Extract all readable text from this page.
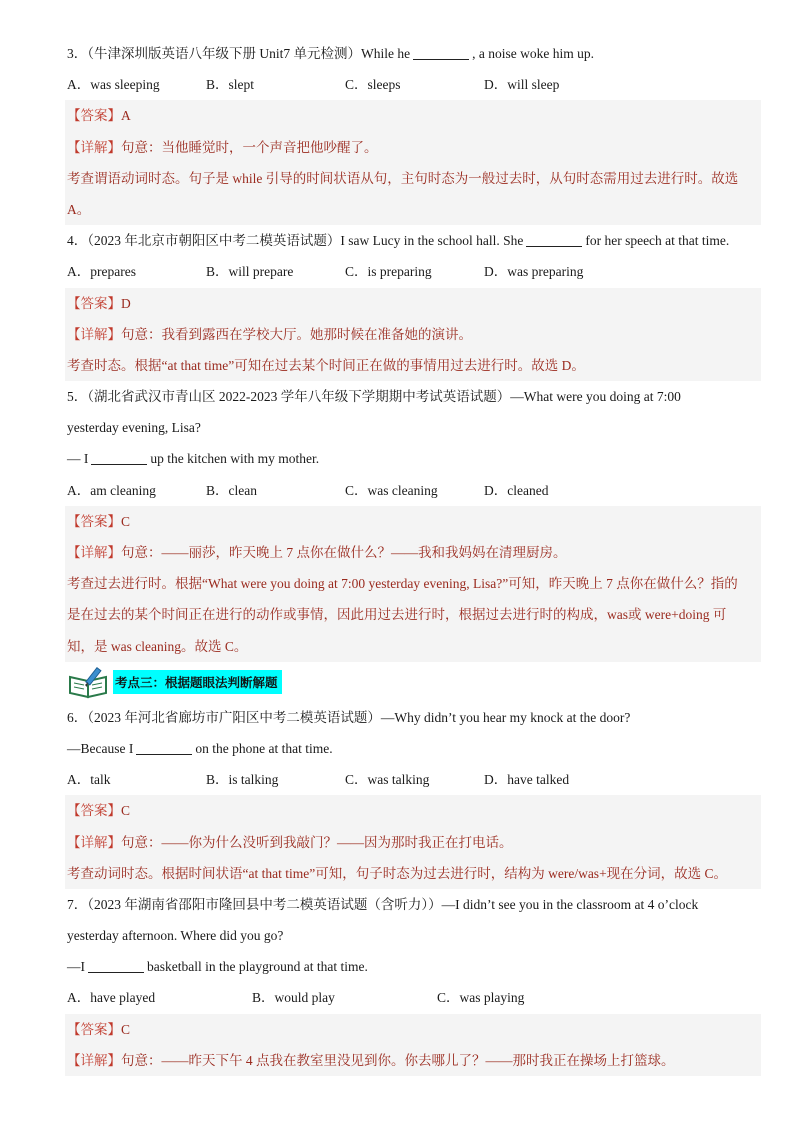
3．（牛津深圳版英语八年级下册 Unit7 单元检测）While he	, a noise woke him up.
A．was sleeping	B．slept	C．sleeps	D．will sleep
【答案】A
【详解】句意：当他睡觉时，一个声音把他吵醒了。
考查谓语动词时态。句子是 while 引导的时间状语从句，主句时态为一般过去时，从句时态需用过去进行时。故选
A。
4．（2023 年北京市朝阳区中考二模英语试题）I saw Lucy in the school hall. She	for her speech at that time.
A．prepares	B．will prepare	C．is preparing	D．was preparing
【答案】D
【详解】句意：我看到露西在学校大厅。她那时候在准备她的演讲。
考查时态。根据“at that time”可知在过去某个时间正在做的事情用过去进行时。故选 D。
5．（湖北省武汉市青山区 2022-2023 学年八年级下学期期中考试英语试题）—What were you doing at 7:00
yesterday evening, Lisa?
— I	up the kitchen with my mother.
A．am cleaning	B．clean	C．was cleaning	D．cleaned
【答案】C
【详解】句意：——丽莎，昨天晚上 7 点你在做什么？——我和我妈妈在清理厨房。
考查过去进行时。根据“What were you doing at 7:00 yesterday evening, Lisa?”可知，昨天晚上 7 点你在做什么？指的
是在过去的某个时间正在进行的动作或事情，因此用过去进行时，根据过去进行时的构成，was或 were+doing 可
知，是 was cleaning。故选 C。
考点三：根据题眼法判断解题
6．（2023 年河北省廊坊市广阳区中考二模英语试题）—Why didn’t you hear my knock at the door?
—Because I	on the phone at that time.
A．talk	B．is talking	C．was talking	D．have talked
【答案】C
【详解】句意：——你为什么没听到我敲门？——因为那时我正在打电话。
考查动词时态。根据时间状语“at that time”可知，句子时态为过去进行时，结构为 were/was+现在分词，故选 C。
7．（2023 年湖南省邵阳市隆回县中考二模英语试题（含听力））—I didn’t see you in the classroom at 4 o’clock
yesterday afternoon. Where did you go?
—I	basketball in the playground at that time.
A．have played	B．would play	C．was playing
【答案】C
【详解】句意：——昨天下午 4 点我在教室里没见到你。你去哪儿了？——那时我正在操场上打篮球。
